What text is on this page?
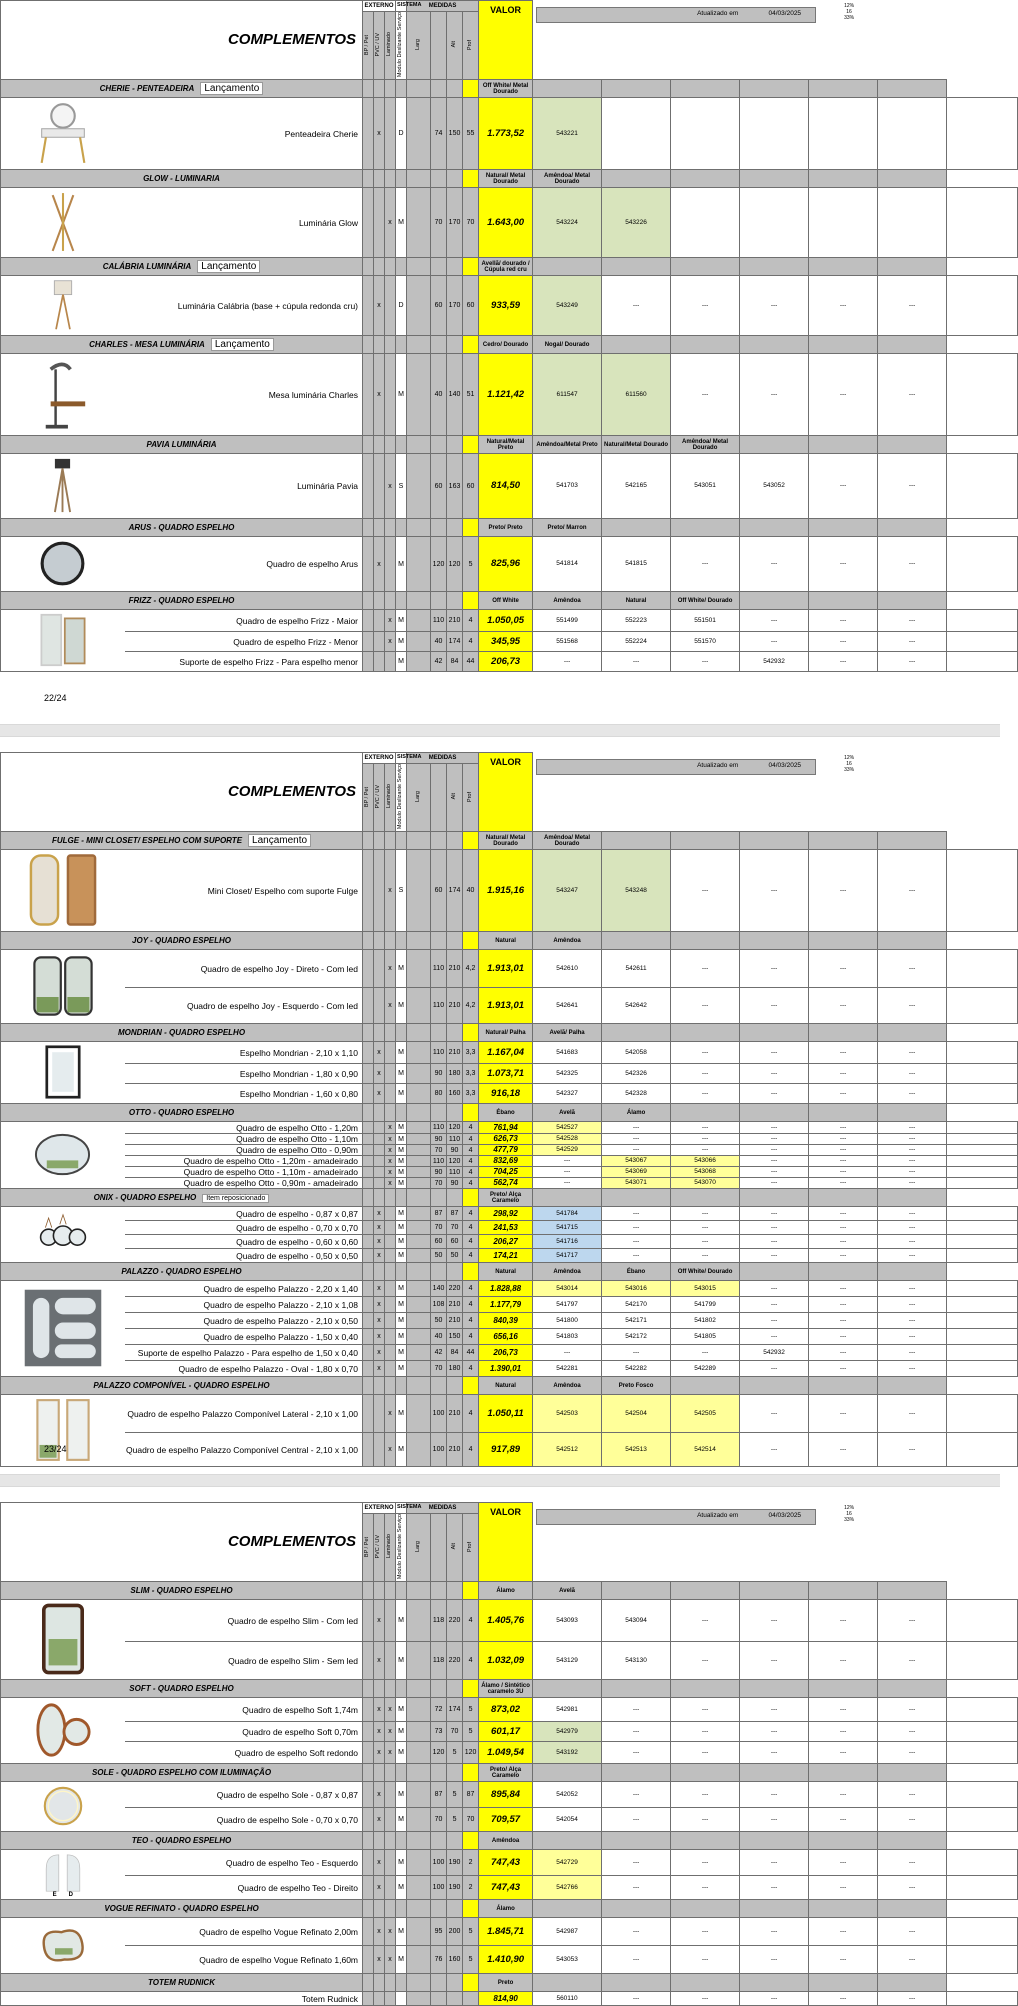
COMPLEMENTOS		EXTERNO			SISTEMA	MEDIDAS				VALOR	Atualizado em 04/03/2025
12%
16
33%						

		BP / Pet	PVC / UV	Laminado	Modulo Deslizante Serviço	Larg		Alt	Prof								
CHERIE - PENTEADEIRA Lançamento										Off White/ Metal Dourado							
	Penteadeira Cherie		x		D		74	150	55	1.773,52	543221						
GLOW - LUMINARIA										Natural/ Metal Dourado	Amêndoa/ Metal Dourado						
	Luminária Glow			x	M		70	170	70	1.643,00	543224	543226					
CALÁBRIA LUMINÁRIA Lançamento										Avellã/ dourado / Cúpula red cru							
	Luminária Calábria (base + cúpula redonda cru)		x		D		60	170	60	933,59	543249	---	---	---	---	---	
CHARLES - MESA LUMINÁRIA Lançamento										Cedro/ Dourado	Nogal/ Dourado						
	Mesa luminária Charles		x		M		40	140	51	1.121,42	611547	611560	---	---	---	---	
PAVIA LUMINÁRIA										Natural/Metal Preto	Amêndoa/Metal Preto	Natural/Metal Dourado	Amêndoa/ Metal Dourado				
	Luminária Pavia			x	S		60	163	60	814,50	541703	542165	543051	543052	---	---	
ARUS - QUADRO ESPELHO										Preto/ Preto	Preto/ Marron						
	Quadro de espelho Arus		x		M		120	120	5	825,96	541814	541815	---	---	---	---	
FRIZZ - QUADRO ESPELHO										Off White	Amêndoa	Natural	Off White/ Dourado				
	Quadro de espelho Frizz - Maior			x	M		110	210	4	1.050,05	551499	552223	551501	---	---	---	
	Quadro de espelho Frizz - Menor			x	M		40	174	4	345,95	551568	552224	551570	---	---	---	
	Suporte de espelho Frizz - Para espelho menor				M		42	84	44	206,73	---	---	---	542932	---	---	
22/24
COMPLEMENTOS		EXTERNO			SISTEMA	MEDIDAS				VALOR	Atualizado em 04/03/2025
12%
16
33%						

		BP / Pet	PVC / UV	Laminado	Modulo Deslizante Serviço	Larg		Alt	Prof								
FULGE - MINI CLOSET/ ESPELHO COM SUPORTE Lançamento										Natural/ Metal Dourado	Amêndoa/ Metal Dourado						
	Mini Closet/ Espelho com suporte Fulge			x	S		60	174	40	1.915,16	543247	543248	---	---	---	---	
JOY - QUADRO ESPELHO										Natural	Amêndoa						
	Quadro de espelho Joy - Direto - Com led			x	M		110	210	4,2	1.913,01	542610	542611	---	---	---	---	
	Quadro de espelho Joy - Esquerdo - Com led			x	M		110	210	4,2	1.913,01	542641	542642	---	---	---	---	
MONDRIAN - QUADRO ESPELHO										Natural/ Palha	Avelã/ Palha						
	Espelho Mondrian - 2,10 x 1,10		x		M		110	210	3,3	1.167,04	541683	542058	---	---	---	---	
	Espelho Mondrian - 1,80 x 0,90		x		M		90	180	3,3	1.073,71	542325	542326	---	---	---	---	
	Espelho Mondrian - 1,60 x 0,80		x		M		80	160	3,3	916,18	542327	542328	---	---	---	---	
OTTO - QUADRO ESPELHO										Ébano	Avelã	Álamo					
	Quadro de espelho Otto - 1,20m			x	M		110	120	4	761,94	542527	---	---	---	---	---	
	Quadro de espelho Otto - 1,10m			x	M		90	110	4	626,73	542528	---	---	---	---	---	
	Quadro de espelho Otto - 0,90m			x	M		70	90	4	477,79	542529	---	---	---	---	---	
	Quadro de espelho Otto - 1,20m - amadeirado			x	M		110	120	4	832,69	---	543067	543066	---	---	---	
	Quadro de espelho Otto - 1,10m - amadeirado			x	M		90	110	4	704,25	---	543069	543068	---	---	---	
	Quadro de espelho Otto - 0,90m - amadeirado			x	M		70	90	4	562,74	---	543071	543070	---	---	---	
ONIX - QUADRO ESPELHO Item reposicionado										Preto/ Alça Caramelo							
	Quadro de espelho - 0,87 x 0,87		x		M		87	87	4	298,92	541784	---	---	---	---	---	
	Quadro de espelho - 0,70 x 0,70		x		M		70	70	4	241,53	541715	---	---	---	---	---	
	Quadro de espelho - 0,60 x 0,60		x		M		60	60	4	206,27	541716	---	---	---	---	---	
	Quadro de espelho - 0,50 x 0,50		x		M		50	50	4	174,21	541717	---	---	---	---	---	
PALAZZO - QUADRO ESPELHO										Natural	Amêndoa	Ébano	Off White/ Dourado				
	Quadro de espelho Palazzo - 2,20 x 1,40		x		M		140	220	4	1.828,88	543014	543016	543015	---	---	---	
	Quadro de espelho Palazzo - 2,10 x 1,08		x		M		108	210	4	1.177,79	541797	542170	541799	---	---	---	
	Quadro de espelho Palazzo - 2,10 x 0,50		x		M		50	210	4	840,39	541800	542171	541802	---	---	---	
	Quadro de espelho Palazzo - 1,50 x 0,40		x		M		40	150	4	656,16	541803	542172	541805	---	---	---	
	Suporte de espelho Palazzo - Para espelho de 1,50 x 0,40		x		M		42	84	44	206,73	---	---	---	542932	---	---	
	Quadro de espelho Palazzo - Oval - 1,80 x 0,70		x		M		70	180	4	1.390,01	542281	542282	542289	---	---	---	
PALAZZO COMPONÍVEL - QUADRO ESPELHO										Natural	Amêndoa	Preto Fosco					
	Quadro de espelho Palazzo Componível Lateral - 2,10 x 1,00			x	M		100	210	4	1.050,11	542503	542504	542505	---	---	---	
	Quadro de espelho Palazzo Componível Central - 2,10 x 1,00			x	M		100	210	4	917,89	542512	542513	542514	---	---	---	
23/24
COMPLEMENTOS		EXTERNO			SISTEMA	MEDIDAS				VALOR	Atualizado em 04/03/2025
12%
16
33%						

		BP / Pet	PVC / UV	Laminado	Modulo Deslizante Serviço	Larg		Alt	Prof								
SLIM - QUADRO ESPELHO										Álamo	Avelã						
	Quadro de espelho Slim - Com led		x		M		118	220	4	1.405,76	543093	543094	---	---	---	---	
	Quadro de espelho Slim - Sem led		x		M		118	220	4	1.032,09	543129	543130	---	---	---	---	
SOFT - QUADRO ESPELHO										Álamo / Sintético caramelo 3U							
	Quadro de espelho Soft 1,74m		x	x	M		72	174	5	873,02	542981	---	---	---	---	---	
	Quadro de espelho Soft 0,70m		x	x	M		73	70	5	601,17	542979	---	---	---	---	---	
	Quadro de espelho Soft redondo		x	x	M		120	5	120	1.049,54	543192	---	---	---	---	---	
SOLE - QUADRO ESPELHO COM ILUMINAÇÃO										Preto/ Alça Caramelo							
	Quadro de espelho Sole - 0,87 x 0,87		x		M		87	5	87	895,84	542052	---	---	---	---	---	
	Quadro de espelho Sole - 0,70 x 0,70		x		M		70	5	70	709,57	542054	---	---	---	---	---	
TEO - QUADRO ESPELHO										Amêndoa							

E D	Quadro de espelho Teo - Esquerdo		x		M		100	190	2	747,43	542729	---	---	---	---	---	
	Quadro de espelho Teo - Direito		x		M		100	190	2	747,43	542766	---	---	---	---	---	
VOGUE REFINATO - QUADRO ESPELHO										Álamo							
	Quadro de espelho Vogue Refinato 2,00m		x	x	M		95	200	5	1.845,71	542987	---	---	---	---	---	
	Quadro de espelho Vogue Refinato 1,60m		x	x	M		76	160	5	1.410,90	543053	---	---	---	---	---	
TOTEM RUDNICK										Preto							
	Totem Rudnick									814,90	560110	---	---	---	---	---	
